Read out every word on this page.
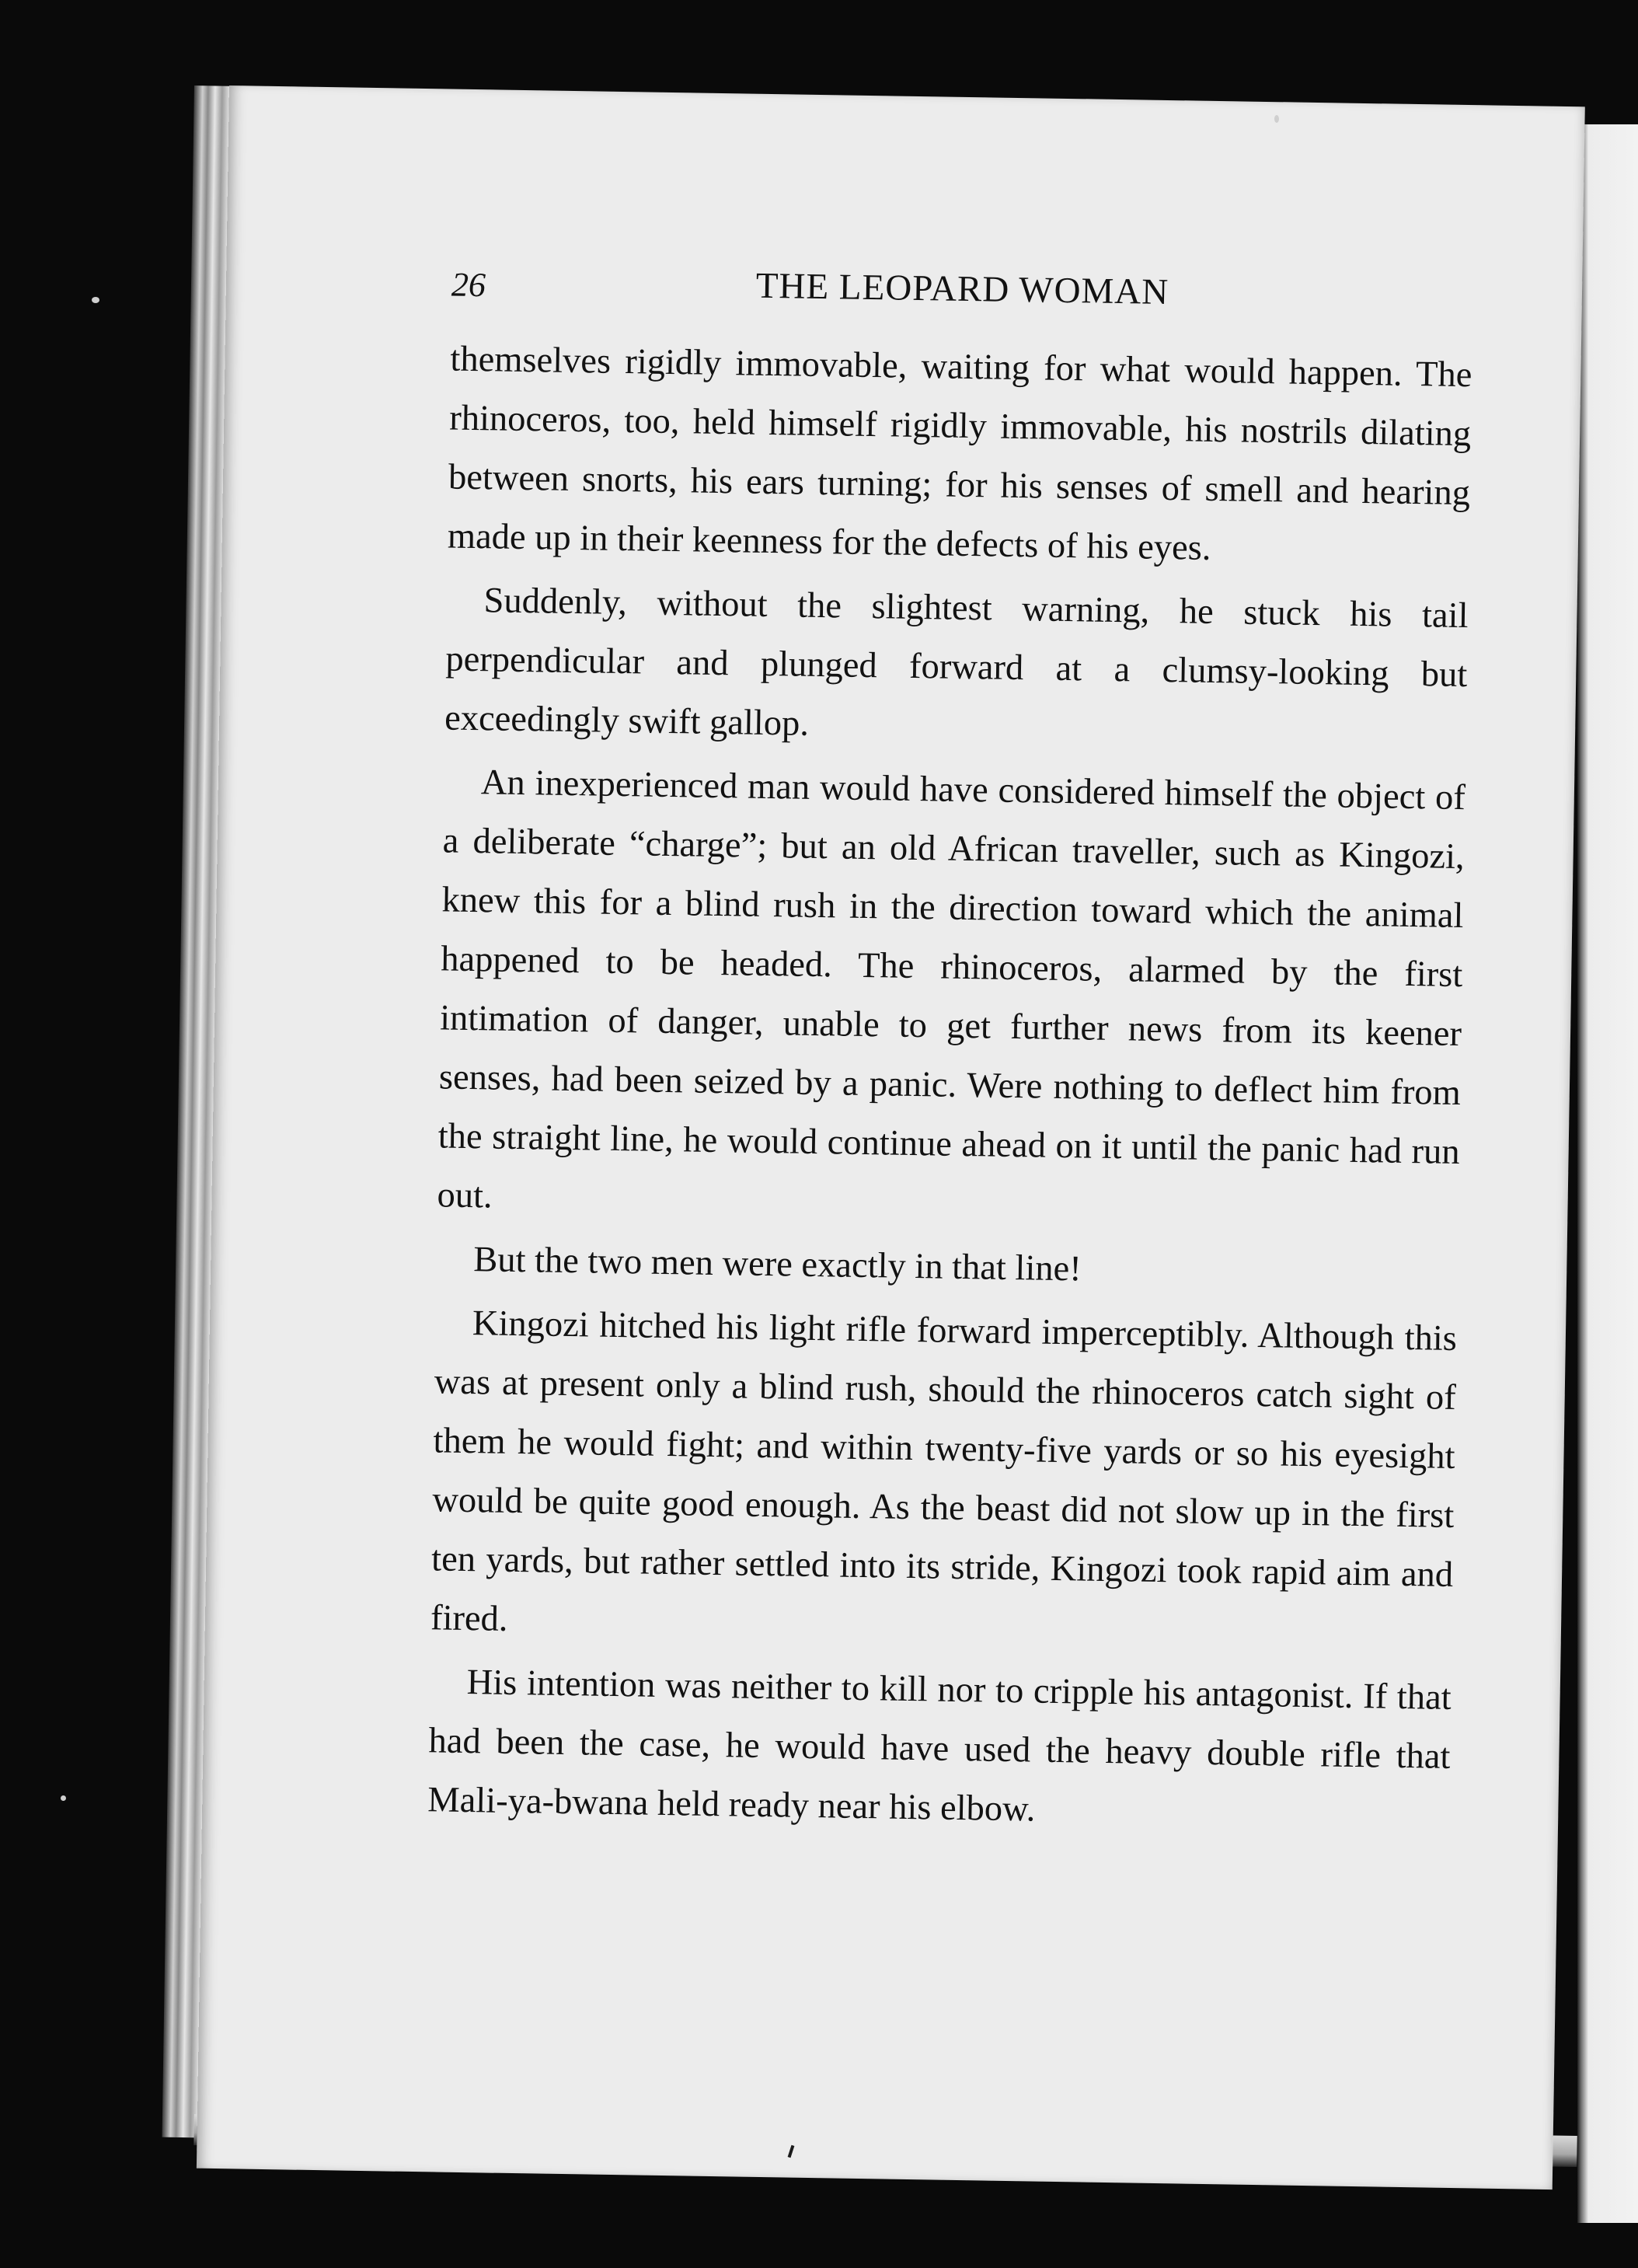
26	THE LEOPARD WOMAN

themselves rigidly immovable, waiting for what would happen. The rhinoceros, too, held himself rigidly immovable, his nostrils dilating between snorts, his ears turning; for his senses of smell and hearing made up in their keenness for the defects of his eyes.

Suddenly, without the slightest warning, he stuck his tail perpendicular and plunged forward at a clumsy-looking but exceedingly swift gallop.

An inexperienced man would have considered himself the object of a deliberate “charge”; but an old African traveller, such as Kingozi, knew this for a blind rush in the direction toward which the animal happened to be headed. The rhinoceros, alarmed by the first intimation of danger, unable to get further news from its keener senses, had been seized by a panic. Were nothing to deflect him from the straight line, he would continue ahead on it until the panic had run out.

But the two men were exactly in that line!

Kingozi hitched his light rifle forward imperceptibly. Although this was at present only a blind rush, should the rhinoceros catch sight of them he would fight; and within twenty-five yards or so his eyesight would be quite good enough. As the beast did not slow up in the first ten yards, but rather settled into its stride, Kingozi took rapid aim and fired.

His intention was neither to kill nor to cripple his antagonist. If that had been the case, he would have used the heavy double rifle that Mali-ya-bwana held ready near his elbow.
